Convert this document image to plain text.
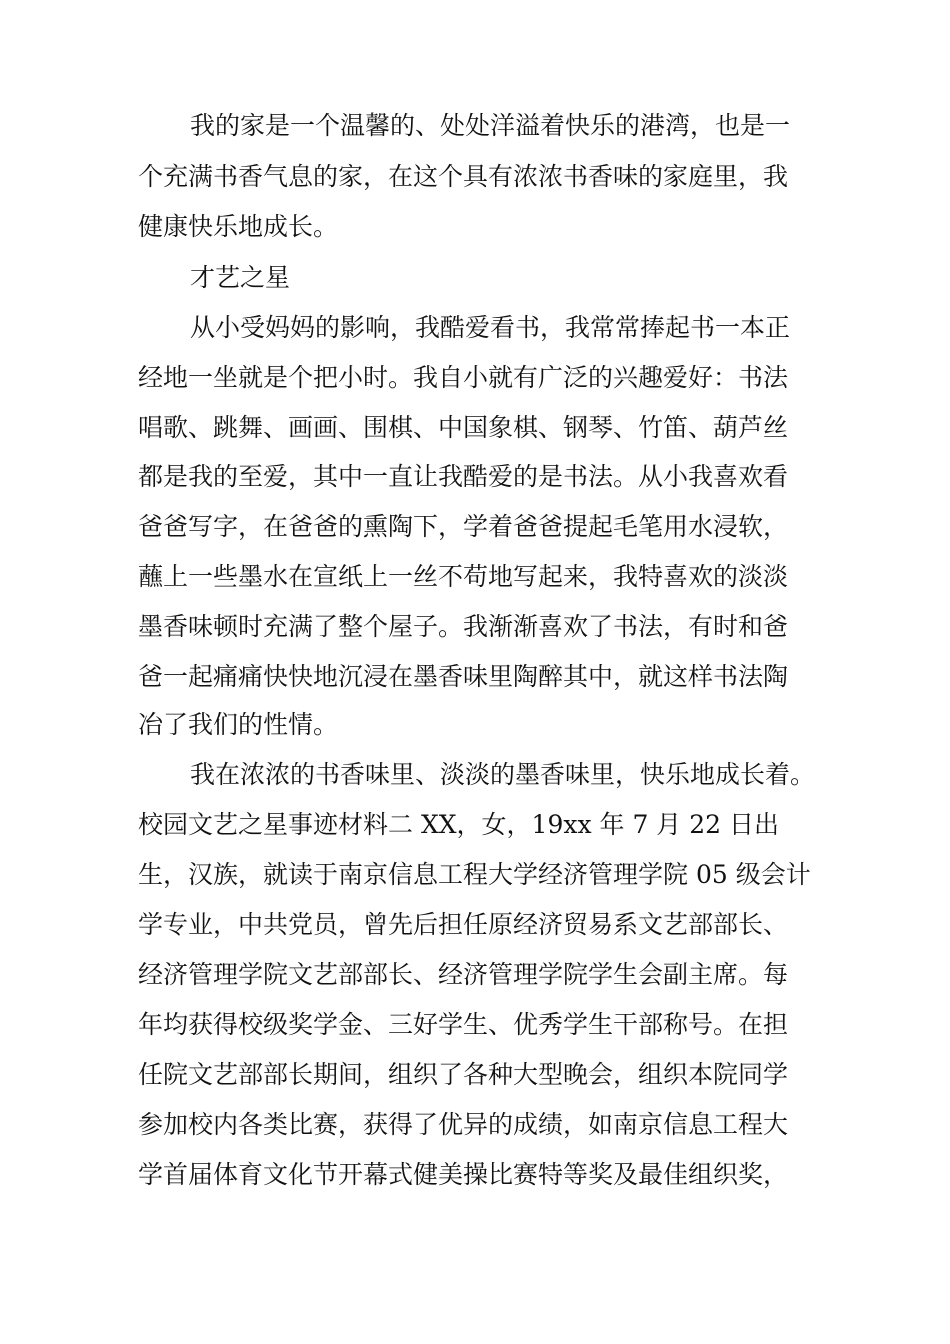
我的家是一个温馨的、处处洋溢着快乐的港湾，也是一

个充满书香气息的家，在这个具有浓浓书香味的家庭里，我

健康快乐地成长。

才艺之星

从小受妈妈的影响，我酷爱看书，我常常捧起书一本正

经地一坐就是个把小时。我自小就有广泛的兴趣爱好：书法

唱歌、跳舞、画画、围棋、中国象棋、钢琴、竹笛、葫芦丝

都是我的至爱，其中一直让我酷爱的是书法。从小我喜欢看

爸爸写字，在爸爸的熏陶下，学着爸爸提起毛笔用水浸软，

蘸上一些墨水在宣纸上一丝不苟地写起来，我特喜欢的淡淡

墨香味顿时充满了整个屋子。我渐渐喜欢了书法，有时和爸

爸一起痛痛快快地沉浸在墨香味里陶醉其中，就这样书法陶

冶了我们的性情。

我在浓浓的书香味里、淡淡的墨香味里，快乐地成长着。

校园文艺之星事迹材料二 XX，女，19xx 年 7 月 22 日出

生，汉族，就读于南京信息工程大学经济管理学院 05 级会计

学专业，中共党员，曾先后担任原经济贸易系文艺部部长、

经济管理学院文艺部部长、经济管理学院学生会副主席。每

年均获得校级奖学金、三好学生、优秀学生干部称号。在担

任院文艺部部长期间，组织了各种大型晚会，组织本院同学

参加校内各类比赛，获得了优异的成绩，如南京信息工程大

学首届体育文化节开幕式健美操比赛特等奖及最佳组织奖，
